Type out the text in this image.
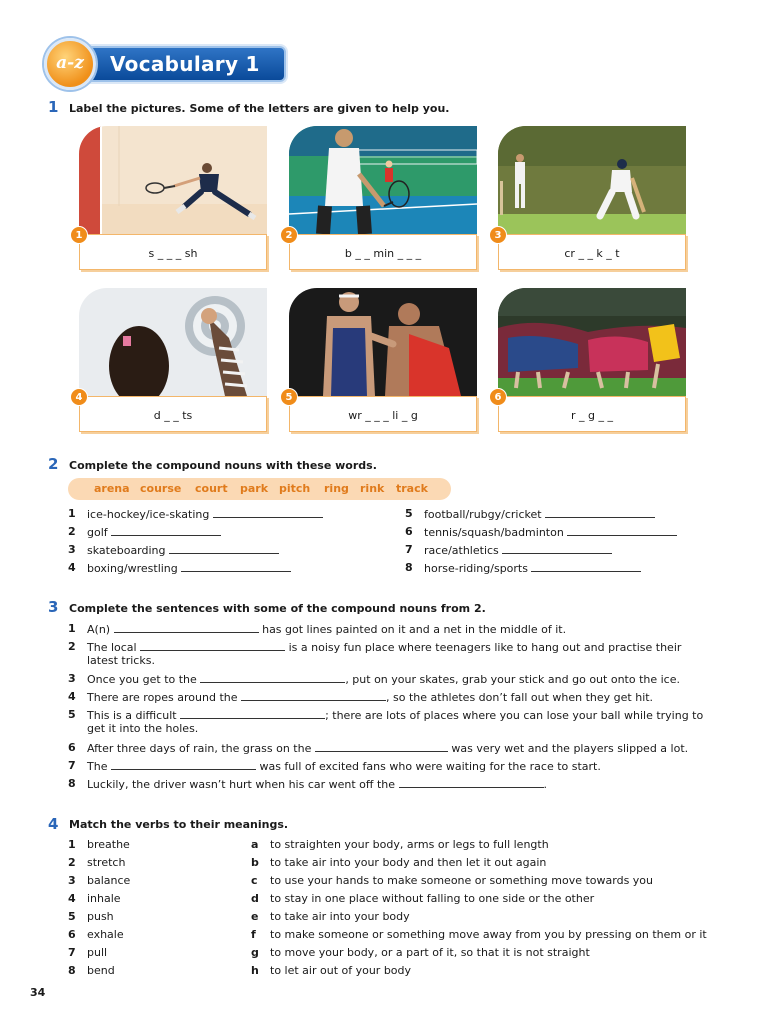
Vocabulary 1
a-z
1 Label the pictures. Some of the letters are given to help you.
s _ _ _ sh
1
b _ _ min _ _ _
2
cr _ _ k _ t
3
d _ _ ts
4
wr _ _ _ li _ g
5
r _ g _ _
6
2 Complete the compound nouns with these words.
arena course court park pitch ring rink track
1 ice-hockey/ice-skating
2 golf
3 skateboarding
4 boxing/wrestling
5 football/rubgy/cricket
6 tennis/squash/badminton
7 race/athletics
8 horse-riding/sports
3 Complete the sentences with some of the compound nouns from 2.
1 A(n)	has got lines painted on it and a net in the middle of it.
2 The local	is a noisy fun place where teenagers like to hang out and practise their
latest tricks.
3 Once you get to the	, put on your skates, grab your stick and go out onto the ice.
4 There are ropes around the	, so the athletes don’t fall out when they get hit.
5 This is a difficult	; there are lots of places where you can lose your ball while trying to
get it into the holes.
6 After three days of rain, the grass on the	was very wet and the players slipped a lot.
7 The	was full of excited fans who were waiting for the race to start.
8 Luckily, the driver wasn’t hurt when his car went off the	.
4 Match the verbs to their meanings.
1 breathe	a to straighten your body, arms or legs to full length
2 stretch	b to take air into your body and then let it out again
3 balance	c to use your hands to make someone or something move towards you
4 inhale	d to stay in one place without falling to one side or the other
5 push	e to take air into your body
6 exhale	f to make someone or something move away from you by pressing on them or it
7 pull	g to move your body, or a part of it, so that it is not straight
8 bend	h to let air out of your body
34
